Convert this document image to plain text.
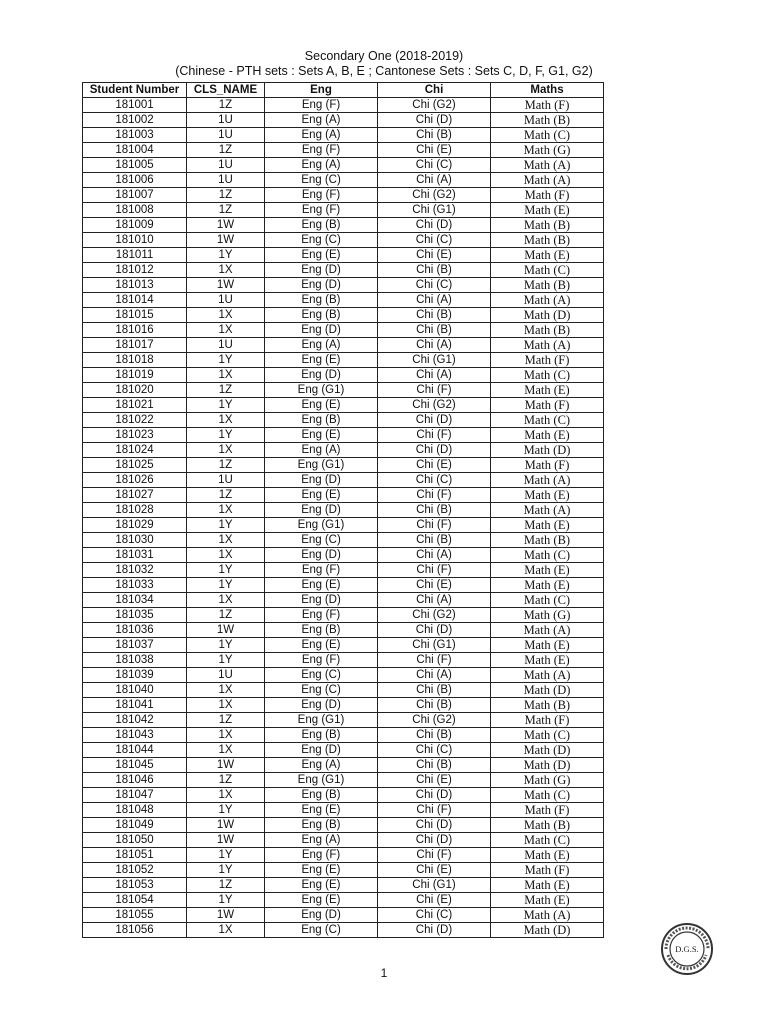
Secondary One (2018-2019)
(Chinese - PTH sets : Sets A, B, E ; Cantonese Sets : Sets C, D, F, G1, G2)
Student Number	CLS_NAME	Eng	Chi	Maths
181001	1Z	Eng (F)	Chi (G2)	Math (F)
181002	1U	Eng (A)	Chi (D)	Math (B)
181003	1U	Eng (A)	Chi (B)	Math (C)
181004	1Z	Eng (F)	Chi (E)	Math (G)
181005	1U	Eng (A)	Chi (C)	Math (A)
181006	1U	Eng (C)	Chi (A)	Math (A)
181007	1Z	Eng (F)	Chi (G2)	Math (F)
181008	1Z	Eng (F)	Chi (G1)	Math (E)
181009	1W	Eng (B)	Chi (D)	Math (B)
181010	1W	Eng (C)	Chi (C)	Math (B)
181011	1Y	Eng (E)	Chi (E)	Math (E)
181012	1X	Eng (D)	Chi (B)	Math (C)
181013	1W	Eng (D)	Chi (C)	Math (B)
181014	1U	Eng (B)	Chi (A)	Math (A)
181015	1X	Eng (B)	Chi (B)	Math (D)
181016	1X	Eng (D)	Chi (B)	Math (B)
181017	1U	Eng (A)	Chi (A)	Math (A)
181018	1Y	Eng (E)	Chi (G1)	Math (F)
181019	1X	Eng (D)	Chi (A)	Math (C)
181020	1Z	Eng (G1)	Chi (F)	Math (E)
181021	1Y	Eng (E)	Chi (G2)	Math (F)
181022	1X	Eng (B)	Chi (D)	Math (C)
181023	1Y	Eng (E)	Chi (F)	Math (E)
181024	1X	Eng (A)	Chi (D)	Math (D)
181025	1Z	Eng (G1)	Chi (E)	Math (F)
181026	1U	Eng (D)	Chi (C)	Math (A)
181027	1Z	Eng (E)	Chi (F)	Math (E)
181028	1X	Eng (D)	Chi (B)	Math (A)
181029	1Y	Eng (G1)	Chi (F)	Math (E)
181030	1X	Eng (C)	Chi (B)	Math (B)
181031	1X	Eng (D)	Chi (A)	Math (C)
181032	1Y	Eng (F)	Chi (F)	Math (E)
181033	1Y	Eng (E)	Chi (E)	Math (E)
181034	1X	Eng (D)	Chi (A)	Math (C)
181035	1Z	Eng (F)	Chi (G2)	Math (G)
181036	1W	Eng (B)	Chi (D)	Math (A)
181037	1Y	Eng (E)	Chi (G1)	Math (E)
181038	1Y	Eng (F)	Chi (F)	Math (E)
181039	1U	Eng (C)	Chi (A)	Math (A)
181040	1X	Eng (C)	Chi (B)	Math (D)
181041	1X	Eng (D)	Chi (B)	Math (B)
181042	1Z	Eng (G1)	Chi (G2)	Math (F)
181043	1X	Eng (B)	Chi (B)	Math (C)
181044	1X	Eng (D)	Chi (C)	Math (D)
181045	1W	Eng (A)	Chi (B)	Math (D)
181046	1Z	Eng (G1)	Chi (E)	Math (G)
181047	1X	Eng (B)	Chi (D)	Math (C)
181048	1Y	Eng (E)	Chi (F)	Math (F)
181049	1W	Eng (B)	Chi (D)	Math (B)
181050	1W	Eng (A)	Chi (D)	Math (C)
181051	1Y	Eng (F)	Chi (F)	Math (E)
181052	1Y	Eng (E)	Chi (E)	Math (F)
181053	1Z	Eng (E)	Chi (G1)	Math (E)
181054	1Y	Eng (E)	Chi (E)	Math (E)
181055	1W	Eng (D)	Chi (C)	Math (A)
181056	1X	Eng (C)	Chi (D)	Math (D)
1
D.G.S.
